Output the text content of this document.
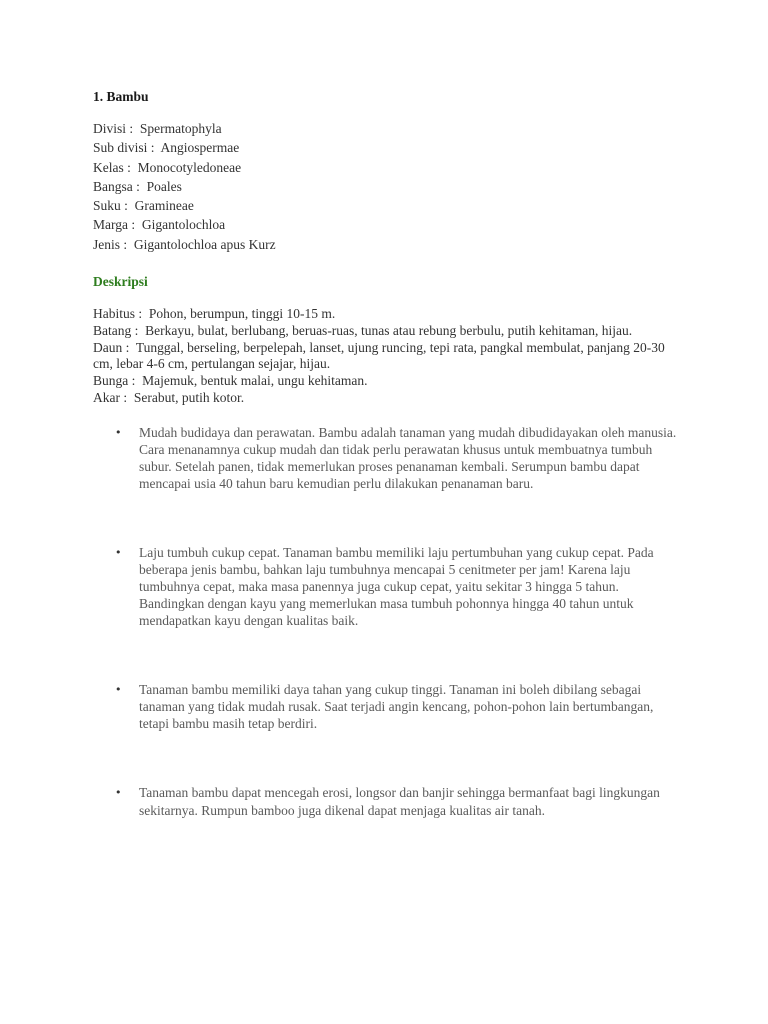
1. Bambu
Divisi : Spermatophyla
Sub divisi : Angiospermae
Kelas : Monocotyledoneae
Bangsa : Poales
Suku : Gramineae
Marga : Gigantolochloa
Jenis : Gigantolochloa apus Kurz
Deskripsi

Habitus : Pohon, berumpun, tinggi 10-15 m.

Batang : Berkayu, bulat, berlubang, beruas-ruas, tunas atau rebung berbulu, putih kehitaman, hijau.

Daun : Tunggal, berseling, berpelepah, lanset, ujung runcing, tepi rata, pangkal membulat, panjang 20-30 cm, lebar 4-6 cm, pertulangan sejajar, hijau.

Bunga : Majemuk, bentuk malai, ungu kehitaman.

Akar : Serabut, putih kotor.

• Mudah budidaya dan perawatan. Bambu adalah tanaman yang mudah dibudidayakan oleh manusia. Cara menanamnya cukup mudah dan tidak perlu perawatan khusus untuk membuatnya tumbuh subur. Setelah panen, tidak memerlukan proses penanaman kembali. Serumpun bambu dapat mencapai usia 40 tahun baru kemudian perlu dilakukan penanaman baru.
• Laju tumbuh cukup cepat. Tanaman bambu memiliki laju pertumbuhan yang cukup cepat. Pada beberapa jenis bambu, bahkan laju tumbuhnya mencapai 5 cenitmeter per jam! Karena laju tumbuhnya cepat, maka masa panennya juga cukup cepat, yaitu sekitar 3 hingga 5 tahun. Bandingkan dengan kayu yang memerlukan masa tumbuh pohonnya hingga 40 tahun untuk mendapatkan kayu dengan kualitas baik.
• Tanaman bambu memiliki daya tahan yang cukup tinggi. Tanaman ini boleh dibilang sebagai tanaman yang tidak mudah rusak. Saat terjadi angin kencang, pohon-pohon lain bertumbangan, tetapi bambu masih tetap berdiri.
• Tanaman bambu dapat mencegah erosi, longsor dan banjir sehingga bermanfaat bagi lingkungan sekitarnya. Rumpun bamboo juga dikenal dapat menjaga kualitas air tanah.
